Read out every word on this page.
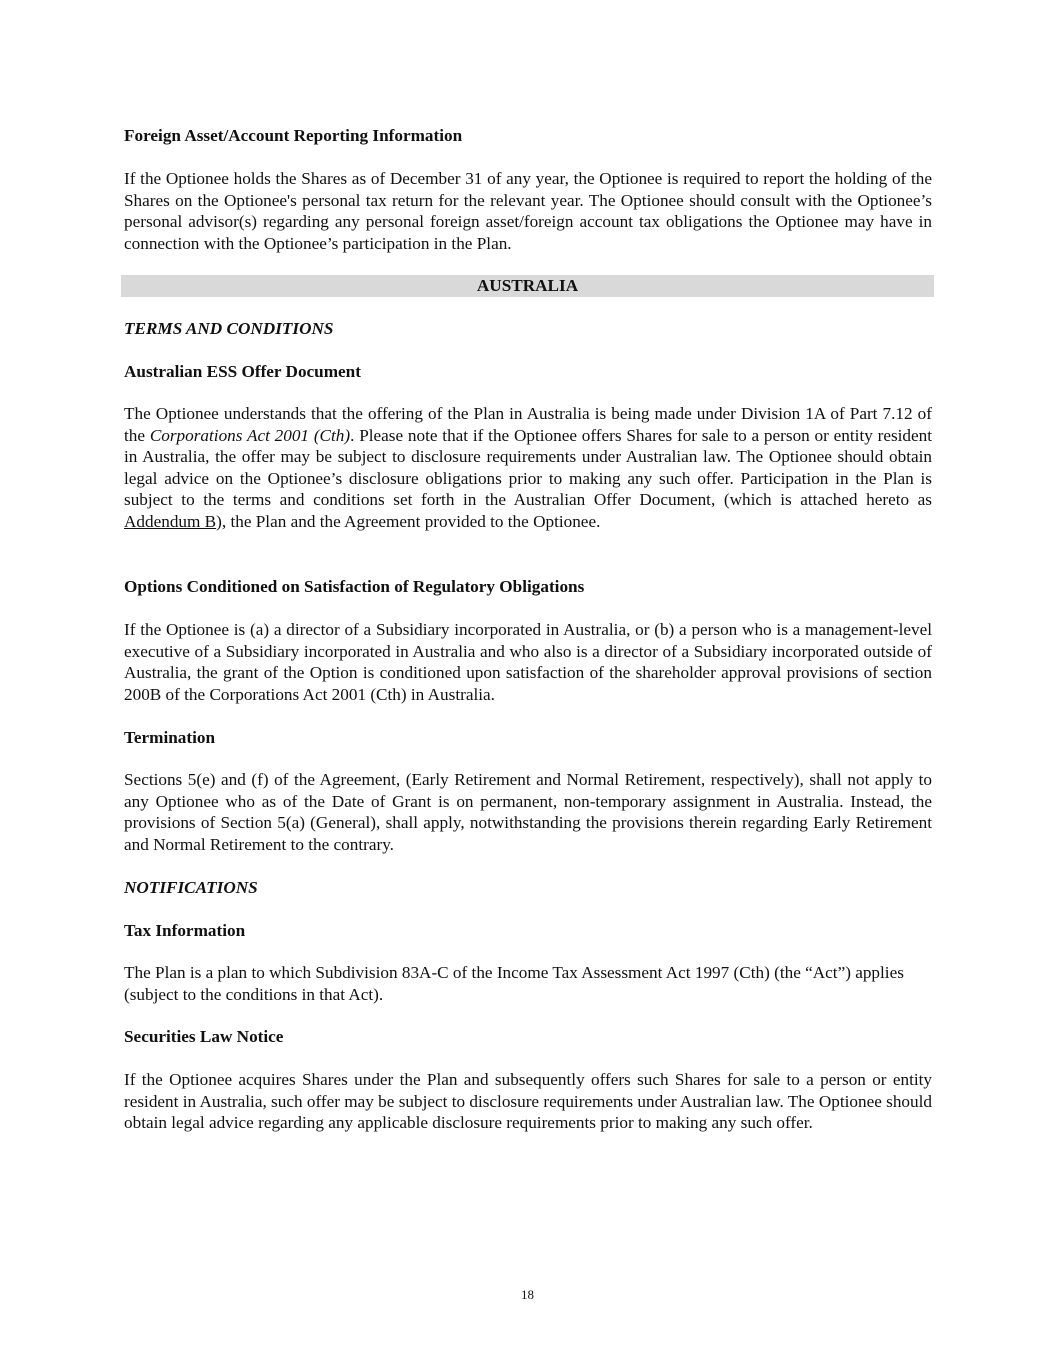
Foreign Asset/Account Reporting Information

If the Optionee holds the Shares as of December 31 of any year, the Optionee is required to report the holding of the Shares on the Optionee's personal tax return for the relevant year. The Optionee should consult with the Optionee’s personal advisor(s) regarding any personal foreign asset/foreign account tax obligations the Optionee may have in connection with the Optionee’s participation in the Plan.

AUSTRALIA

TERMS AND CONDITIONS

Australian ESS Offer Document

The Optionee understands that the offering of the Plan in Australia is being made under Division 1A of Part 7.12 of the Corporations Act 2001 (Cth). Please note that if the Optionee offers Shares for sale to a person or entity resident in Australia, the offer may be subject to disclosure requirements under Australian law. The Optionee should obtain legal advice on the Optionee’s disclosure obligations prior to making any such offer. Participation in the Plan is subject to the terms and conditions set forth in the Australian Offer Document, (which is attached hereto as Addendum B), the Plan and the Agreement provided to the Optionee.

Options Conditioned on Satisfaction of Regulatory Obligations

If the Optionee is (a) a director of a Subsidiary incorporated in Australia, or (b) a person who is a management-level executive of a Subsidiary incorporated in Australia and who also is a director of a Subsidiary incorporated outside of Australia, the grant of the Option is conditioned upon satisfaction of the shareholder approval provisions of section 200B of the Corporations Act 2001 (Cth) in Australia.

Termination

Sections 5(e) and (f) of the Agreement, (Early Retirement and Normal Retirement, respectively), shall not apply to any Optionee who as of the Date of Grant is on permanent, non-temporary assignment in Australia. Instead, the provisions of Section 5(a) (General), shall apply, notwithstanding the provisions therein regarding Early Retirement and Normal Retirement to the contrary.

NOTIFICATIONS

Tax Information

The Plan is a plan to which Subdivision 83A-C of the Income Tax Assessment Act 1997 (Cth) (the “Act”) applies (subject to the conditions in that Act).

Securities Law Notice

If the Optionee acquires Shares under the Plan and subsequently offers such Shares for sale to a person or entity resident in Australia, such offer may be subject to disclosure requirements under Australian law. The Optionee should obtain legal advice regarding any applicable disclosure requirements prior to making any such offer.

18
